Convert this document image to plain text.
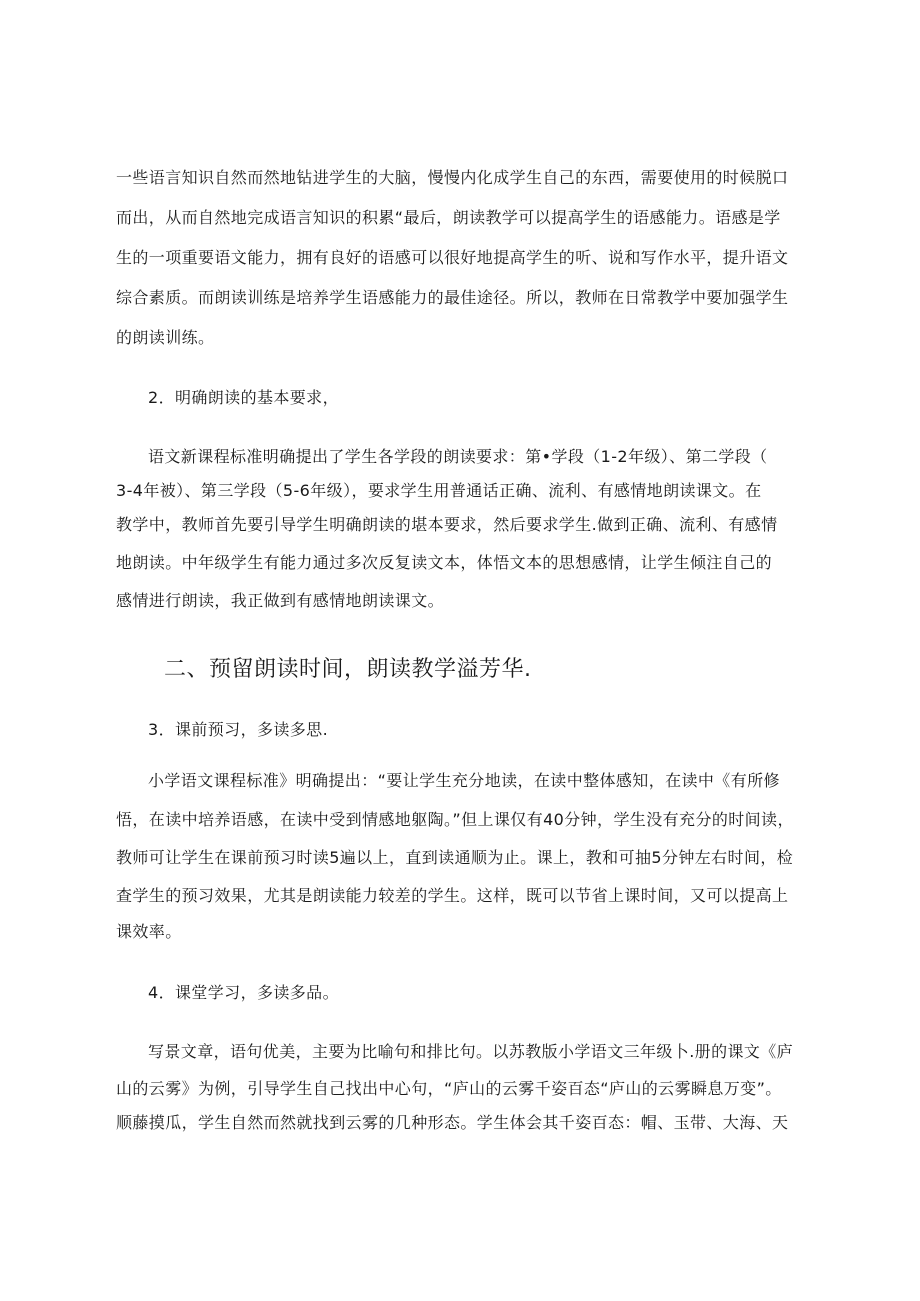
一些语言知识自然而然地钻进学生的大脑，慢慢内化成学生自己的东西，需要使用的时候脱口
而出，从而自然地完成语言知识的积累“最后，朗读教学可以提高学生的语感能力。语感是学
生的一项重要语文能力，拥有良好的语感可以很好地提高学生的听、说和写作水平，提升语文
综合素质。而朗读训练是培养学生语感能力的最佳途径。所以，教师在日常教学中要加强学生
的朗读训练。
2．明确朗读的基本要求，
语文新课程标准明确提出了学生各学段的朗读要求：第•学段（1-2年级）、第二学段（
3-4年被）、第三学段（5-6年级），要求学生用普通话正确、流利、有感情地朗读课文。在
教学中，教师首先要引导学生明确朗读的堪本要求，然后要求学生.做到正确、流利、有感情
地朗读。中年级学生有能力通过多次反复读文本，体悟文本的思想感情，让学生倾注自己的
感情进行朗读，我正做到有感情地朗读课文。
二、预留朗读时间，朗读教学溢芳华.
3．课前预习，多读多思.
小学语文课程标准》明确提出：“要让学生充分地读，在读中整体感知，在读中《有所修
悟，在读中培养语感，在读中受到情感地躯陶。”但上课仅有40分钟，学生没有充分的时间读，
教师可让学生在课前预习时读5遍以上，直到读通顺为止。课上，教和可抽5分钟左右时间，检
查学生的预习效果，尤其是朗读能力较差的学生。这样，既可以节省上课时间，又可以提高上
课效率。
4．课堂学习，多读多品。
写景文章，语句优美，主要为比喻句和排比句。以苏教版小学语文三年级卜.册的课文《庐
山的云雾》为例，引导学生自己找出中心句，“庐山的云雾千姿百态“庐山的云雾瞬息万变”。
顺藤摸瓜，学生自然而然就找到云雾的几种形态。学生体会其千姿百态：帽、玉带、大海、天
